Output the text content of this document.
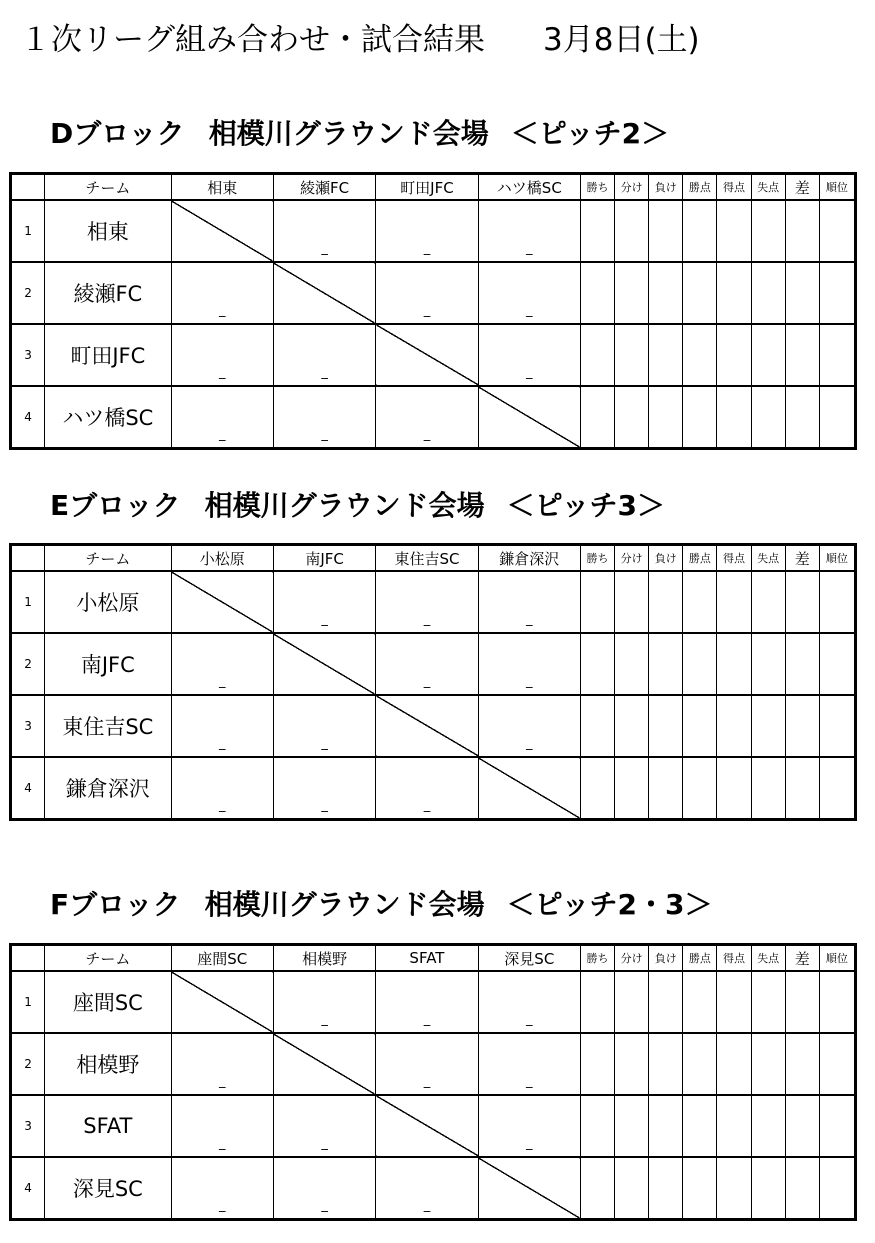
１次リーグ組み合わせ・試合結果 3月8日(土)
Dブロック 相模川グラウンド会場 ＜ピッチ2＞
	チーム	相東	綾瀬FC	町田JFC	ハツ橋SC	勝ち	分け	負け	勝点	得点	失点	差	順位
1	相東		_	_	_								

2	綾瀬FC	_		_	_								

3	町田JFC	_	_		_								

4	ハツ橋SC	_	_	_									

Eブロック 相模川グラウンド会場 ＜ピッチ3＞
	チーム	小松原	南JFC	東住吉SC	鎌倉深沢	勝ち	分け	負け	勝点	得点	失点	差	順位
1	小松原		_	_	_								

2	南JFC	_		_	_								

3	東住吉SC	_	_		_								

4	鎌倉深沢	_	_	_									

Fブロック 相模川グラウンド会場 ＜ピッチ2・3＞
	チーム	座間SC	相模野	SFAT	深見SC	勝ち	分け	負け	勝点	得点	失点	差	順位
1	座間SC		_	_	_								

2	相模野	_		_	_								

3	SFAT	_	_		_								

4	深見SC	_	_	_									
